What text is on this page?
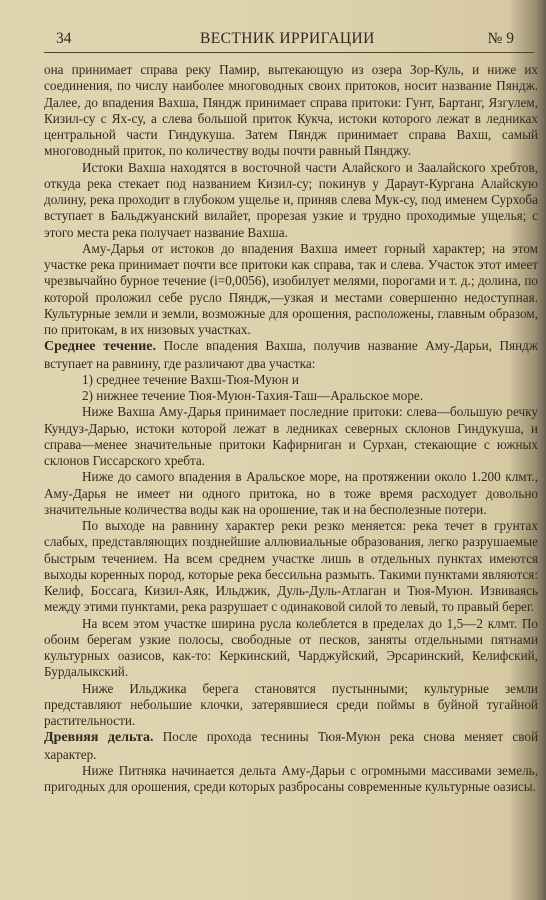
34	ВЕСТНИК ИРРИГАЦИИ	№ 9

она принимает справа реку Памир, вытекающую из озера Зор-Куль, и ниже их соединения, по числу наиболее многоводных своих притоков, носит название Пяндж. Далее, до впадения Вахша, Пяндж принимает справа притоки: Гунт, Бартанг, Язгулем, Кизил-су с Ях-су, а слева большой приток Кукча, истоки которого лежат в ледниках центральной части Гиндукуша. Затем Пяндж принимает справа Вахш, самый многоводный приток, по количеству воды почти равный Пянджу.

Истоки Вахша находятся в восточной части Алайского и Заалайского хребтов, откуда река стекает под названием Кизил-су; покинув у Дараут-Кургана Алайскую долину, река проходит в глубоком ущелье и, приняв слева Мук-су, под именем Сурхоба вступает в Бальджуанский вилайет, прорезая узкие и трудно проходимые ущелья; с этого места река получает название Вахша.

Аму-Дарья от истоков до впадения Вахша имеет горный характер; на этом участке река принимает почти все притоки как справа, так и слева. Участок этот имеет чрезвычайно бурное течение (i=0,0056), изобилует мелями, порогами и т. д.; долина, по которой проложил себе русло Пяндж,—узкая и местами совершенно недоступная. Культурные земли и земли, возможные для орошения, расположены, главным образом, по притокам, в их низовых участках.

Среднее течение. После впадения Вахша, получив название Аму-Дарьи, Пяндж вступает на равнину, где различают два участка:

1) среднее течение Вахш-Тюя-Муюн и

2) нижнее течение Тюя-Муюн-Тахия-Таш—Аральское море.

Ниже Вахша Аму-Дарья принимает последние притоки: слева—большую речку Кундуз-Дарью, истоки которой лежат в ледниках северных склонов Гиндукуша, и справа—менее значительные притоки Кафирниган и Сурхан, стекающие с южных склонов Гиссарского хребта.

Ниже до самого впадения в Аральское море, на протяжении около 1.200 клмт., Аму-Дарья не имеет ни одного притока, но в тоже время расходует довольно значительные количества воды как на орошение, так и на бесполезные потери.

По выходе на равнину характер реки резко меняется: река течет в грунтах слабых, представляющих позднейшие аллювиальные образования, легко разрушаемые быстрым течением. На всем среднем участке лишь в отдельных пунктах имеются выходы коренных пород, которые река бессильна размыть. Такими пунктами являются: Келиф, Боссага, Кизил-Аяк, Ильджик, Дуль-Дуль-Атлаган и Тюя-Муюн. Извиваясь между этими пунктами, река разрушает с одинаковой силой то левый, то правый берег.

На всем этом участке ширина русла колеблется в пределах до 1,5—2 клмт. По обоим берегам узкие полосы, свободные от песков, заняты отдельными пятнами культурных оазисов, как-то: Керкинский, Чарджуйский, Эрсаринский, Келифский, Бурдалыкский.

Ниже Ильджика берега становятся пустынными; культурные земли представляют небольшие клочки, затерявшиеся среди поймы в буйной тугайной растительности.

Древняя дельта. После прохода теснины Тюя-Муюн река снова меняет свой характер.

Ниже Питняка начинается дельта Аму-Дарьи с огромными массивами земель, пригодных для орошения, среди которых разбросаны современные культурные оазисы.
